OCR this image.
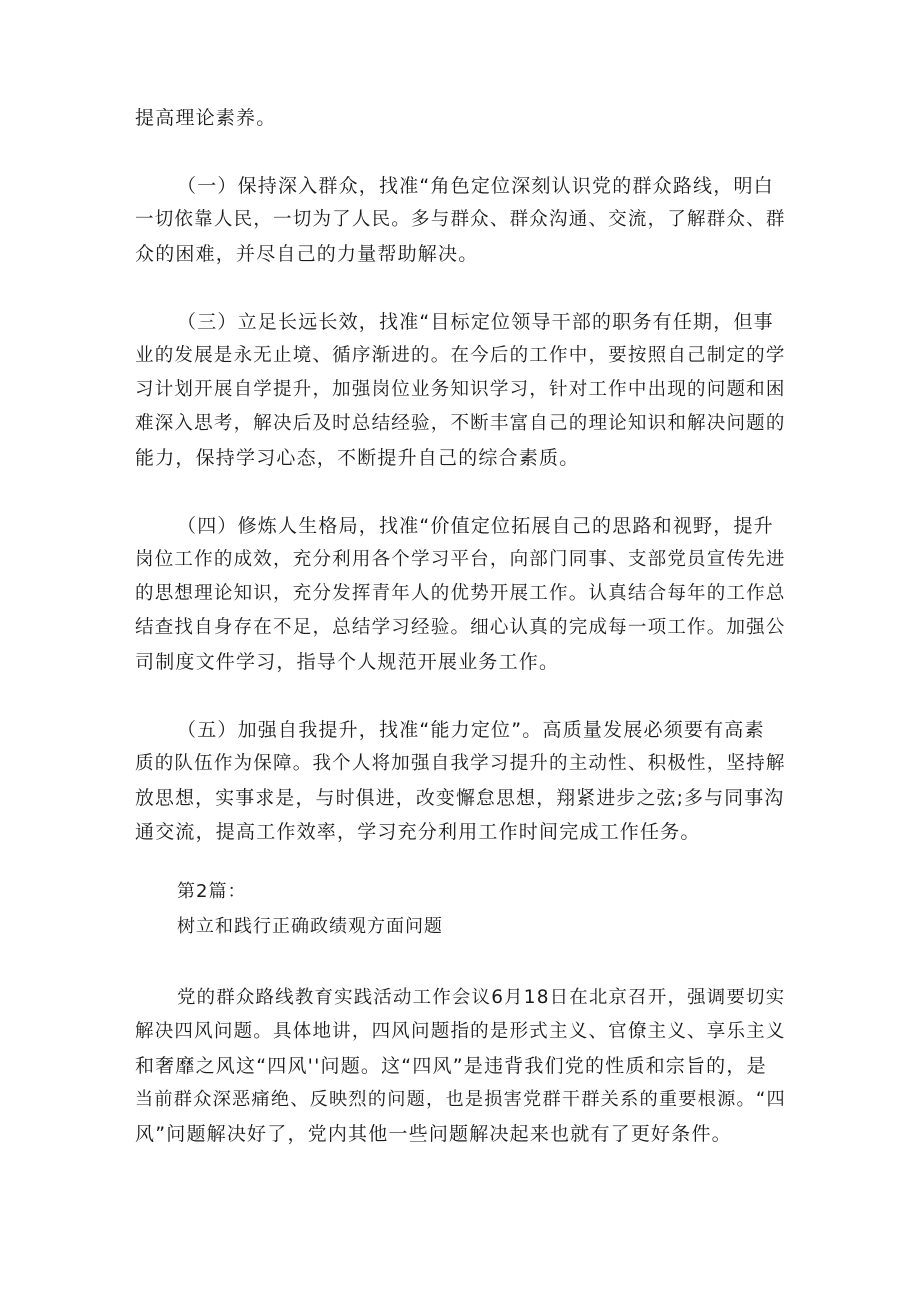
提高理论素养。
（一）保持深入群众，找准“角色定位深刻认识党的群众路线，明白
一切依靠人民，一切为了人民。多与群众、群众沟通、交流，了解群众、群
众的困难，并尽自己的力量帮助解决。
（三）立足长远长效，找准“目标定位领导干部的职务有任期，但事
业的发展是永无止境、循序渐进的。在今后的工作中，要按照自己制定的学
习计划开展自学提升，加强岗位业务知识学习，针对工作中出现的问题和困
难深入思考，解决后及时总结经验，不断丰富自己的理论知识和解决问题的
能力，保持学习心态，不断提升自己的综合素质。
（四）修炼人生格局，找准“价值定位拓展自己的思路和视野，提升
岗位工作的成效，充分利用各个学习平台，向部门同事、支部党员宣传先进
的思想理论知识，充分发挥青年人的优势开展工作。认真结合每年的工作总
结查找自身存在不足，总结学习经验。细心认真的完成每一项工作。加强公
司制度文件学习，指导个人规范开展业务工作。
（五）加强自我提升，找准“能力定位”。高质量发展必须要有高素
质的队伍作为保障。我个人将加强自我学习提升的主动性、积极性，坚持解
放思想，实事求是，与时俱进，改变懈怠思想，翔紧进步之弦;多与同事沟
通交流，提高工作效率，学习充分利用工作时间完成工作任务。
第2篇：
树立和践行正确政绩观方面问题
党的群众路线教育实践活动工作会议6月18日在北京召开，强调要切实
解决四风问题。具体地讲，四风问题指的是形式主义、官僚主义、享乐主义
和奢靡之风这“四风''问题。这“四风”是违背我们党的性质和宗旨的，是
当前群众深恶痛绝、反映烈的问题，也是损害党群干群关系的重要根源。“四
风”问题解决好了，党内其他一些问题解决起来也就有了更好条件。
